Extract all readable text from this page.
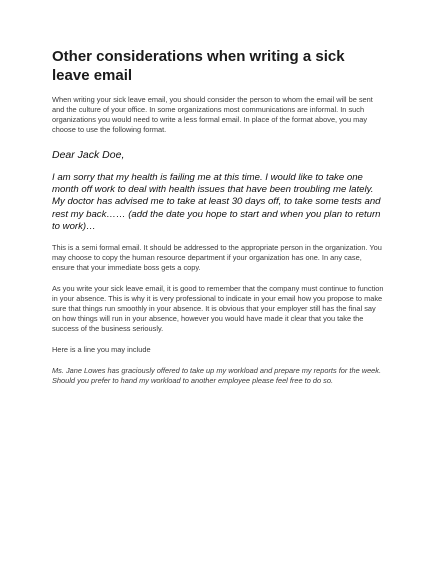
Other considerations when writing a sick leave email

When writing your sick leave email, you should consider the person to whom the email will be sent and the culture of your office. In some organizations most communications are informal. In such organizations you would need to write a less formal email. In place of the format above, you may choose to use the following format.

Dear Jack Doe,

I am sorry that my health is failing me at this time. I would like to take one month off work to deal with health issues that have been troubling me lately. My doctor has advised me to take at least 30 days off, to take some tests and rest my back…… (add the date you hope to start and when you plan to return to work)…

This is a semi formal email. It should be addressed to the appropriate person in the organization. You may choose to copy the human resource department if your organization has one. In any case, ensure that your immediate boss gets a copy.

As you write your sick leave email, it is good to remember that the company must continue to function in your absence. This is why it is very professional to indicate in your email how you propose to make sure that things run smoothly in your absence. It is obvious that your employer still has the final say on how things will run in your absence, however you would have made it clear that you take the success of the business seriously.

Here is a line you may include

Ms. Jane Lowes has graciously offered to take up my workload and prepare my reports for the week. Should you prefer to hand my workload to another employee please feel free to do so.
